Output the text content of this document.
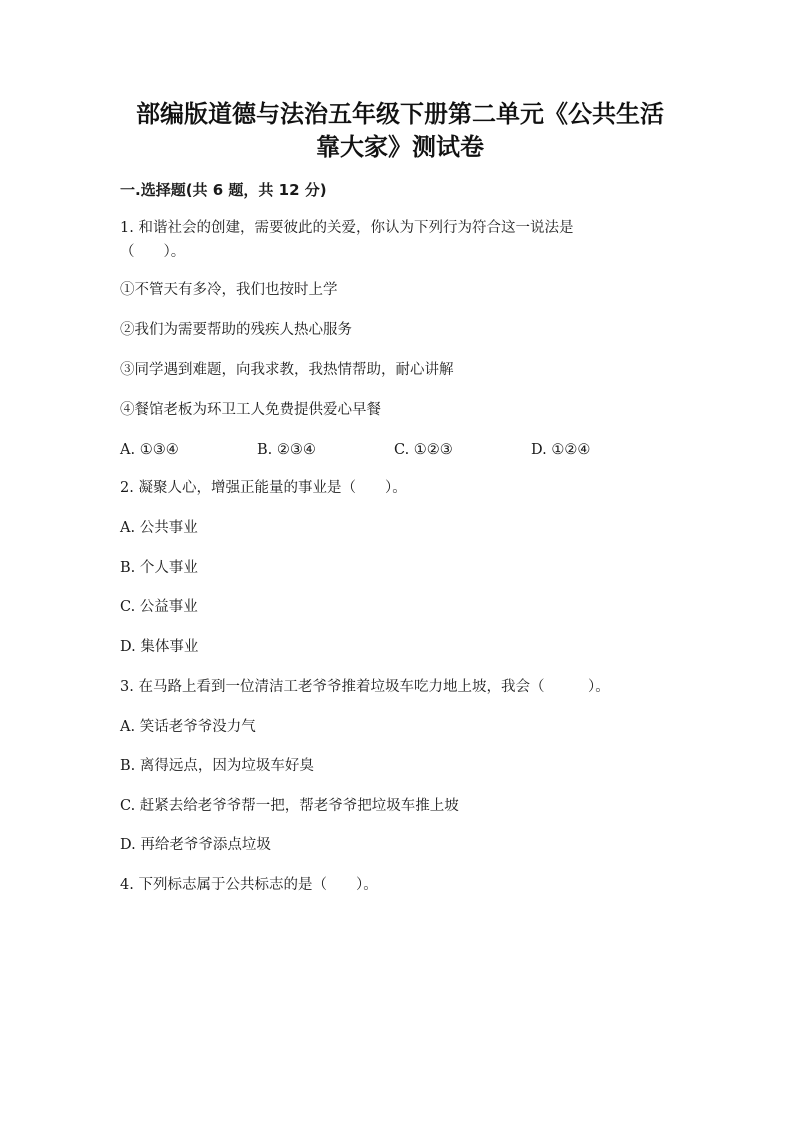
部编版道德与法治五年级下册第二单元《公共生活
靠大家》测试卷
一.选择题(共 6 题，共 12 分)
1. 和谐社会的创建，需要彼此的关爱，你认为下列行为符合这一说法是
（　　）。
①不管天有多冷，我们也按时上学
②我们为需要帮助的残疾人热心服务
③同学遇到难题，向我求教，我热情帮助，耐心讲解
④餐馆老板为环卫工人免费提供爱心早餐
A. ①③④	B. ②③④	C. ①②③	D. ①②④
2. 凝聚人心，增强正能量的事业是（　　）。
A. 公共事业
B. 个人事业
C. 公益事业
D. 集体事业
3. 在马路上看到一位清洁工老爷爷推着垃圾车吃力地上坡，我会（　　　）。
A. 笑话老爷爷没力气
B. 离得远点，因为垃圾车好臭
C. 赶紧去给老爷爷帮一把，帮老爷爷把垃圾车推上坡
D. 再给老爷爷添点垃圾
4. 下列标志属于公共标志的是（　　）。
